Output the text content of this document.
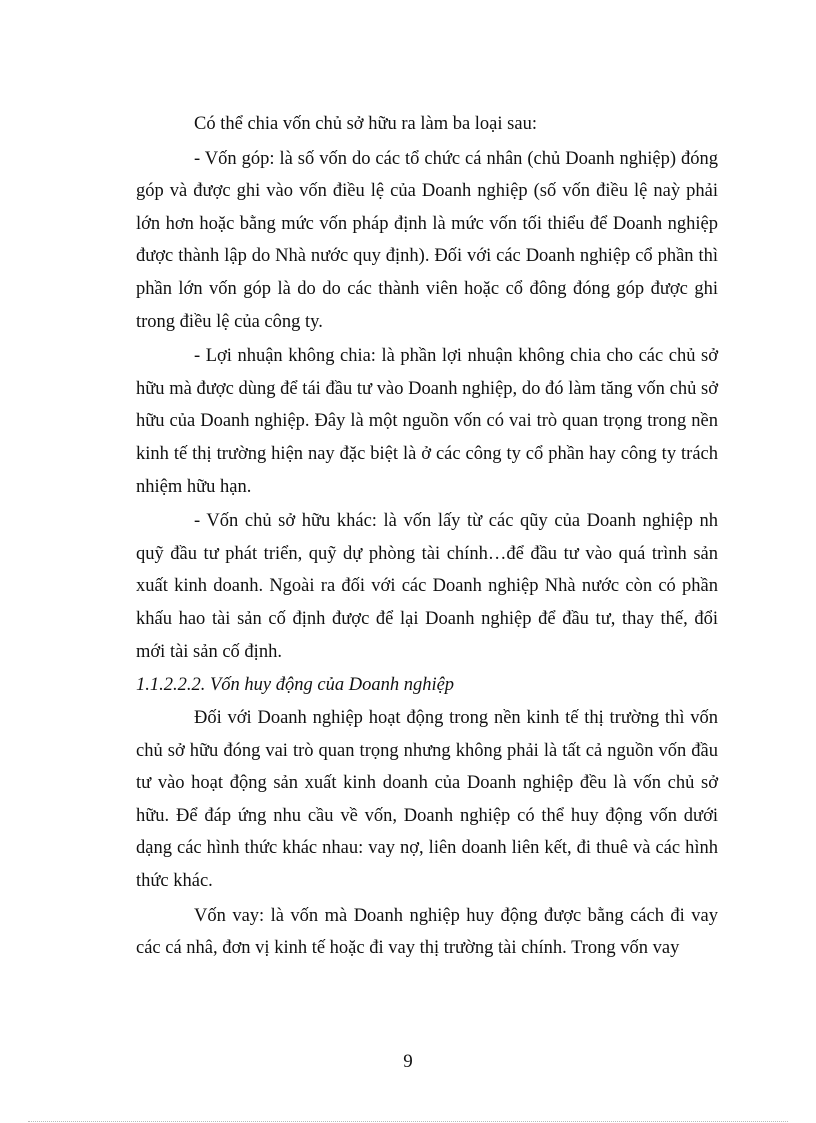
Có thể chia vốn chủ sở hữu ra làm ba loại sau:

- Vốn góp: là số vốn do các tổ chức cá nhân (chủ Doanh nghiệp) đóng góp và được ghi vào vốn điều lệ của Doanh nghiệp (số vốn điều lệ naỳ phải lớn hơn hoặc bằng mức vốn pháp định là mức vốn tối thiểu để Doanh nghiệp được thành lập do Nhà nước quy định). Đối với các Doanh nghiệp cổ phần thì phần lớn vốn góp là do do các thành viên hoặc cổ đông đóng góp được ghi trong điều lệ của công ty.

- Lợi nhuận không chia: là phần lợi nhuận không chia cho các chủ sở hữu mà được dùng để tái đầu tư vào Doanh nghiệp, do đó làm tăng vốn chủ sở hữu của Doanh nghiệp. Đây là một nguồn vốn có vai trò quan trọng trong nền kinh tế thị trường hiện nay đặc biệt là ở các công ty cổ phần hay công ty trách nhiệm hữu hạn.

- Vốn chủ sở hữu khác: là vốn lấy từ các qũy của Doanh nghiệp nh quỹ đầu tư phát triển, quỹ dự phòng tài chính…để đầu tư vào quá trình sản xuất kinh doanh. Ngoài ra đối với các Doanh nghiệp Nhà nước còn có phần khấu hao tài sản cố định được để lại Doanh nghiệp để đầu tư, thay thế, đổi mới tài sản cố định.

1.1.2.2.2. Vốn huy động của Doanh nghiệp

Đối với Doanh nghiệp hoạt động trong nền kinh tế thị trường thì vốn chủ sở hữu đóng vai trò quan trọng nhưng không phải là tất cả nguồn vốn đầu tư vào hoạt động sản xuất kinh doanh của Doanh nghiệp đều là vốn chủ sở hữu. Để đáp ứng nhu cầu về vốn, Doanh nghiệp có thể huy động vốn dưới dạng các hình thức khác nhau: vay nợ, liên doanh liên kết, đi thuê và các hình thức khác.

Vốn vay: là vốn mà Doanh nghiệp huy động được bằng cách đi vay các cá nhâ, đơn vị kinh tế hoặc đi vay thị trường tài chính. Trong vốn vay

9
